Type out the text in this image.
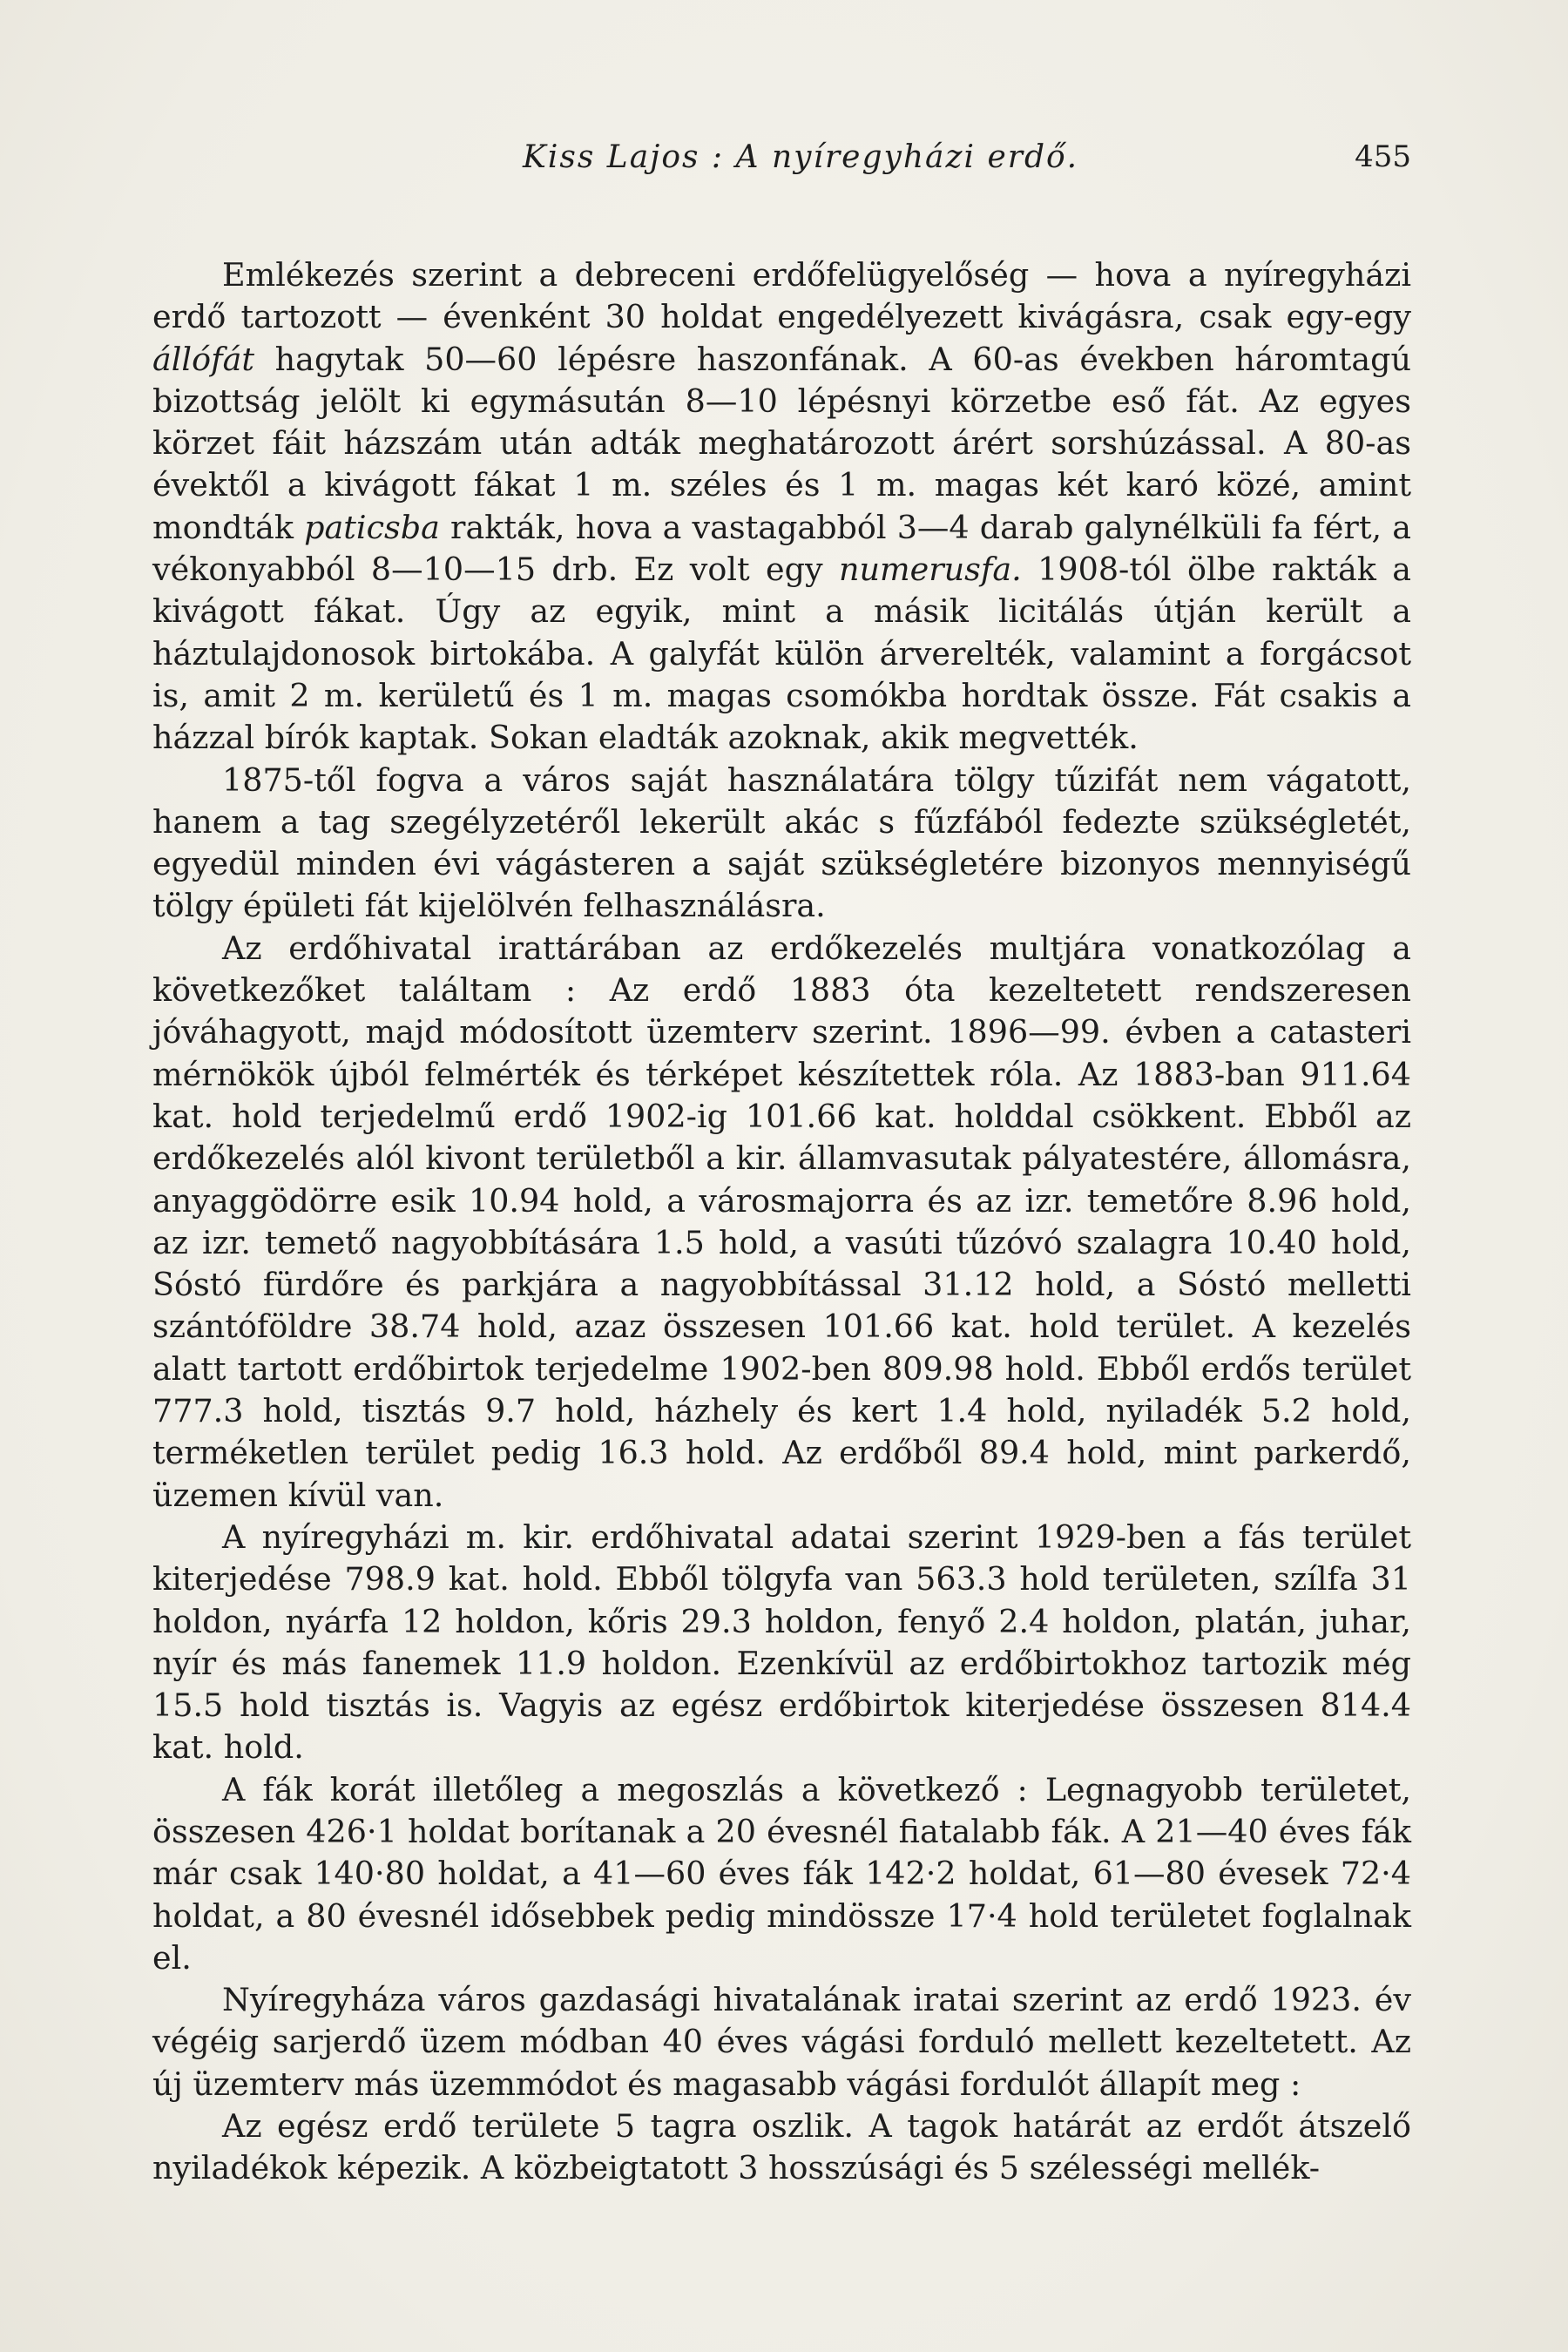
Kiss Lajos : A nyíregyházi erdő.	455

Emlékezés szerint a debreceni erdőfelügyelőség — hova a nyíregyházi erdő tartozott — évenként 30 holdat engedélyezett kivágásra, csak egy-egy állófát hagytak 50—60 lépésre haszonfának. A 60-as években háromtagú bizottság jelölt ki egymásután 8—10 lépésnyi körzetbe eső fát. Az egyes körzet fáit házszám után adták meghatározott árért sorshúzással. A 80-as évektől a kivágott fákat 1 m. széles és 1 m. magas két karó közé, amint mondták paticsba rakták, hova a vastagabból 3—4 darab galynélküli fa fért, a vékonyabból 8—10—15 drb. Ez volt egy numerusfa. 1908-tól ölbe rakták a kivágott fákat. Úgy az egyik, mint a másik licitálás útján került a háztulajdonosok birtokába. A galyfát külön árverelték, valamint a forgácsot is, amit 2 m. kerületű és 1 m. magas csomókba hordtak össze. Fát csakis a házzal bírók kaptak. Sokan eladták azoknak, akik megvették.

1875-től fogva a város saját használatára tölgy tűzifát nem vágatott, hanem a tag szegélyzetéről lekerült akác s fűzfából fedezte szükségletét, egyedül minden évi vágásteren a saját szükségletére bizonyos mennyiségű tölgy épületi fát kijelölvén felhasználásra.

Az erdőhivatal irattárában az erdőkezelés multjára vonatkozólag a következőket találtam : Az erdő 1883 óta kezeltetett rendszeresen jóváhagyott, majd módosított üzemterv szerint. 1896—99. évben a catasteri mérnökök újból felmérték és térképet készítettek róla. Az 1883-ban 911.64 kat. hold terjedelmű erdő 1902-ig 101.66 kat. holddal csökkent. Ebből az erdőkezelés alól kivont területből a kir. államvasutak pályatestére, állomásra, anyaggödörre esik 10.94 hold, a városmajorra és az izr. temetőre 8.96 hold, az izr. temető nagyobbítására 1.5 hold, a vasúti tűzóvó szalagra 10.40 hold, Sóstó fürdőre és parkjára a nagyobbítással 31.12 hold, a Sóstó melletti szántóföldre 38.74 hold, azaz összesen 101.66 kat. hold terület. A kezelés alatt tartott erdőbirtok terjedelme 1902-ben 809.98 hold. Ebből erdős terület 777.3 hold, tisztás 9.7 hold, házhely és kert 1.4 hold, nyiladék 5.2 hold, terméketlen terület pedig 16.3 hold. Az erdőből 89.4 hold, mint parkerdő, üzemen kívül van.

A nyíregyházi m. kir. erdőhivatal adatai szerint 1929-ben a fás terület kiterjedése 798.9 kat. hold. Ebből tölgyfa van 563.3 hold területen, szílfa 31 holdon, nyárfa 12 holdon, kőris 29.3 holdon, fenyő 2.4 holdon, platán, juhar, nyír és más fanemek 11.9 holdon. Ezenkívül az erdőbirtokhoz tartozik még 15.5 hold tisztás is. Vagyis az egész erdőbirtok kiterjedése összesen 814.4 kat. hold.

A fák korát illetőleg a megoszlás a következő : Legnagyobb területet, összesen 426·1 holdat borítanak a 20 évesnél fiatalabb fák. A 21—40 éves fák már csak 140·80 holdat, a 41—60 éves fák 142·2 holdat, 61—80 évesek 72·4 holdat, a 80 évesnél idősebbek pedig mindössze 17·4 hold területet foglalnak el.

Nyíregyháza város gazdasági hivatalának iratai szerint az erdő 1923. év végéig sarjerdő üzem módban 40 éves vágási forduló mellett kezeltetett. Az új üzemterv más üzemmódot és magasabb vágási fordulót állapít meg :

Az egész erdő területe 5 tagra oszlik. A tagok határát az erdőt átszelő nyiladékok képezik. A közbeigtatott 3 hosszúsági és 5 szélességi mellék-
